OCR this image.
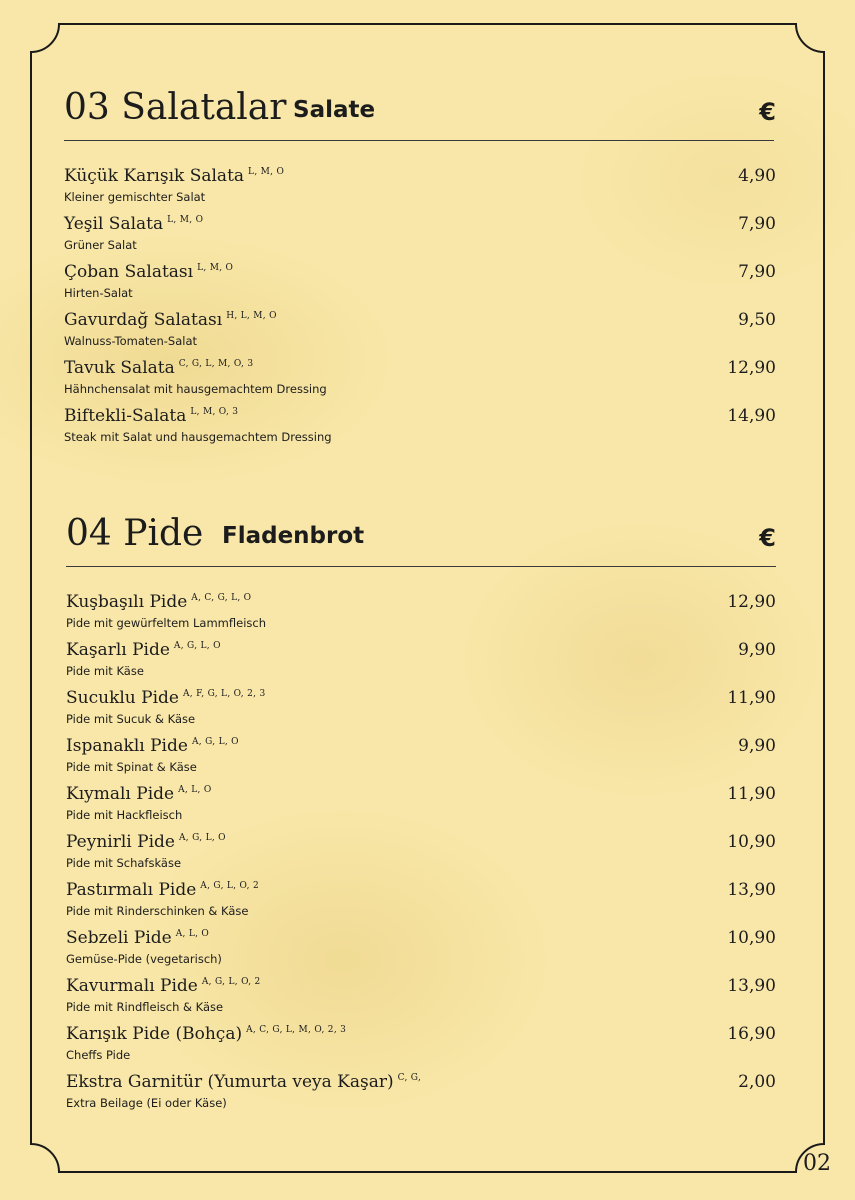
03 Salatalar Salate	€
Küçük Karışık Salata $^{L, M, O}$	4,90
Kleiner gemischter Salat
Yeşil Salata $^{L, M, O}$	7,90
Grüner Salat
Çoban Salatası $^{L, M, O}$	7,90
Hirten-Salat
Gavurdağ Salatası $^{H, L, M, O}$	9,50
Walnuss-Tomaten-Salat
Tavuk Salata $^{C, G, L, M, O, 3}$	12,90
Hähnchensalat mit hausgemachtem Dressing
Biftekli-Salata $^{L, M, O, 3}$	14,90
Steak mit Salat und hausgemachtem Dressing
04 Pide Fladenbrot	€
Kuşbaşılı Pide $^{A, C, G, L, O}$	12,90
Pide mit gewürfeltem Lammfleisch
Kaşarlı Pide $^{A, G, L, O}$	9,90
Pide mit Käse
Sucuklu Pide $^{A, F, G, L, O, 2, 3}$	11,90
Pide mit Sucuk & Käse
Ispanaklı Pide $^{A, G, L, O}$	9,90
Pide mit Spinat & Käse
Kıymalı Pide $^{A, L, O}$	11,90
Pide mit Hackfleisch
Peynirli Pide $^{A, G, L, O}$	10,90
Pide mit Schafskäse
Pastırmalı Pide $^{A, G, L, O, 2}$	13,90
Pide mit Rinderschinken & Käse
Sebzeli Pide $^{A, L, O}$	10,90
Gemüse-Pide (vegetarisch)
Kavurmalı Pide $^{A, G, L, O, 2}$	13,90
Pide mit Rindfleisch & Käse
Karışık Pide (Bohça) $^{A, C, G, L, M, O, 2, 3}$	16,90
Cheffs Pide
Ekstra Garnitür (Yumurta veya Kaşar) $^{C, G,}$	2,00
Extra Beilage (Ei oder Käse)
02
